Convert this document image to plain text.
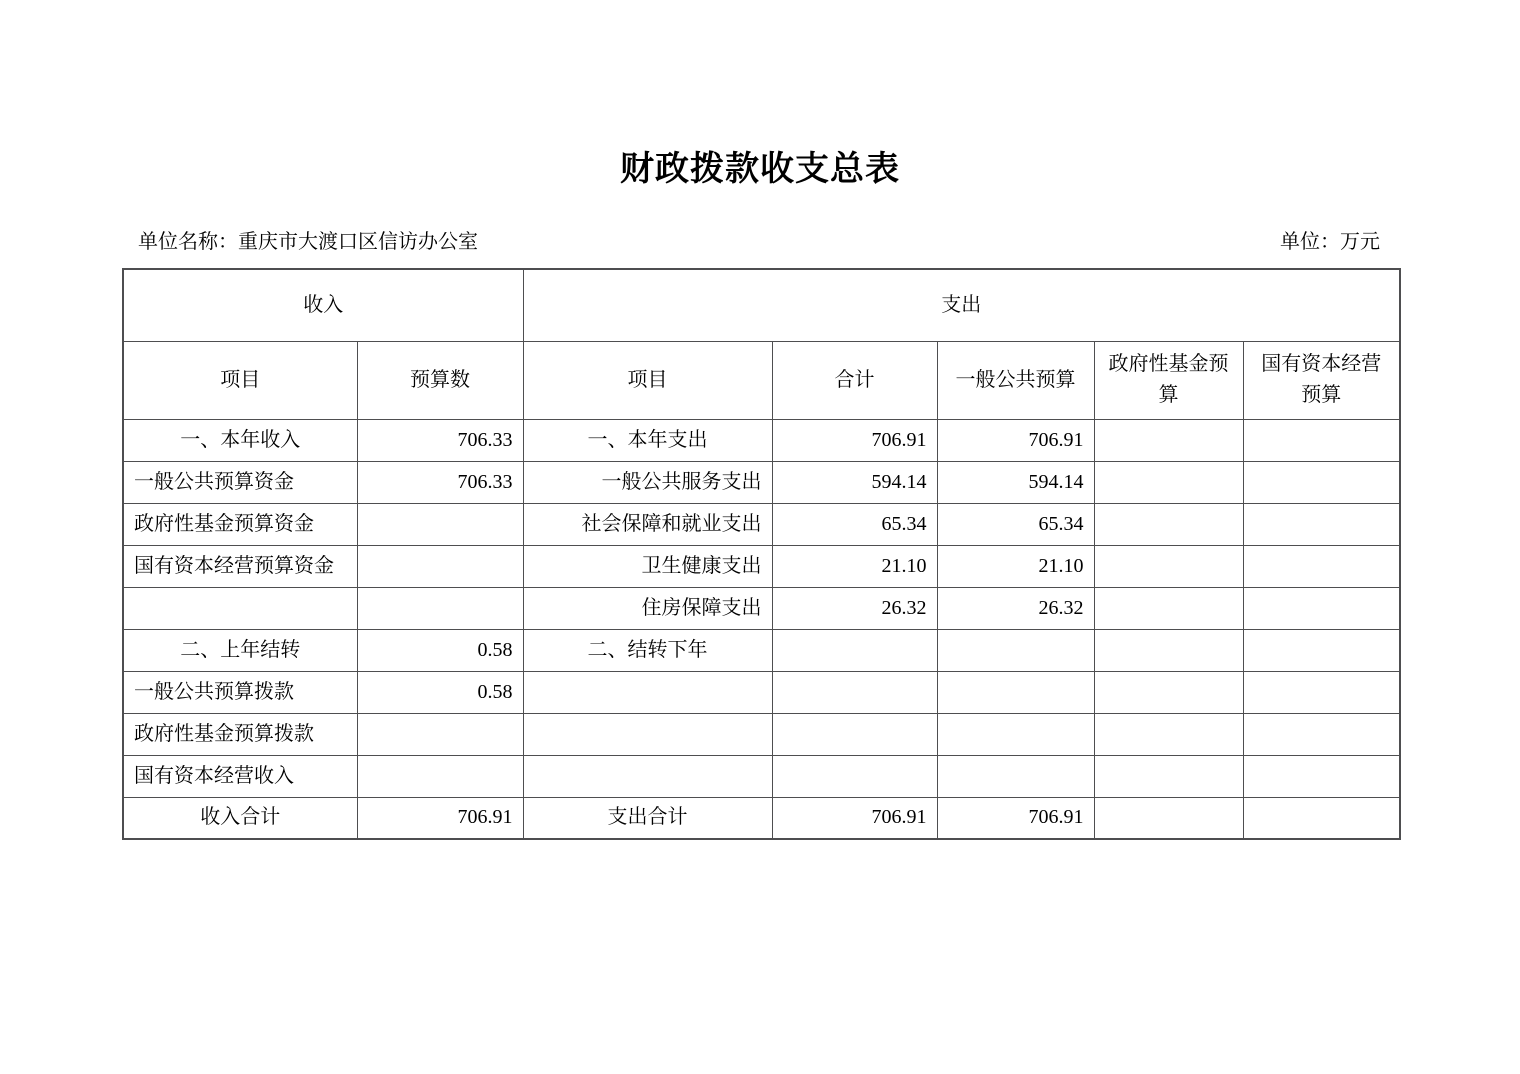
财政拨款收支总表
单位名称：重庆市大渡口区信访办公室	单位：万元
收入		支出				
项目	预算数	项目	合计	一般公共预算	政府性基金预算	国有资本经营预算
一、本年收入	706.33	一、本年支出	706.91	706.91		
一般公共预算资金	706.33	一般公共服务支出	594.14	594.14		
政府性基金预算资金		社会保障和就业支出	65.34	65.34		
国有资本经营预算资金		卫生健康支出	21.10	21.10		
		住房保障支出	26.32	26.32		
二、上年结转	0.58	二、结转下年				
一般公共预算拨款	0.58					
政府性基金预算拨款						
国有资本经营收入						
收入合计	706.91	支出合计	706.91	706.91		
